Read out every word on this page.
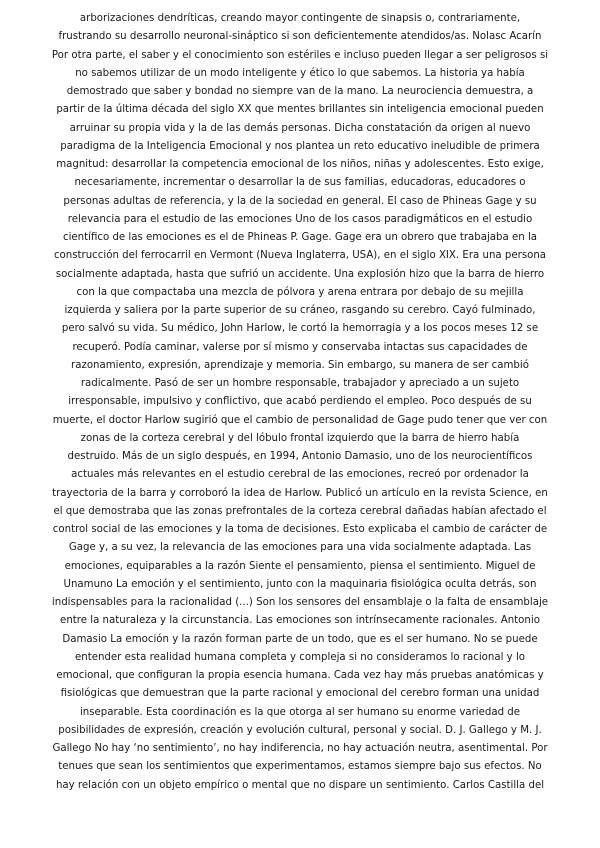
arborizaciones dendríticas, creando mayor contingente de sinapsis o, contrariamente,
frustrando su desarrollo neuronal-sináptico si son deficientemente atendidos/as. Nolasc Acarín
Por otra parte, el saber y el conocimiento son estériles e incluso pueden llegar a ser peligrosos si
no sabemos utilizar de un modo inteligente y ético lo que sabemos. La historia ya había
demostrado que saber y bondad no siempre van de la mano. La neurociencia demuestra, a
partir de la última década del siglo XX que mentes brillantes sin inteligencia emocional pueden
arruinar su propia vida y la de las demás personas. Dicha constatación da origen al nuevo
paradigma de la Inteligencia Emocional y nos plantea un reto educativo ineludible de primera
magnitud: desarrollar la competencia emocional de los niños, niñas y adolescentes. Esto exige,
necesariamente, incrementar o desarrollar la de sus familias, educadoras, educadores o
personas adultas de referencia, y la de la sociedad en general. El caso de Phineas Gage y su
relevancia para el estudio de las emociones Uno de los casos paradigmáticos en el estudio
científico de las emociones es el de Phineas P. Gage. Gage era un obrero que trabajaba en la
construcción del ferrocarril en Vermont (Nueva Inglaterra, USA), en el siglo XIX. Era una persona
socialmente adaptada, hasta que sufrió un accidente. Una explosión hizo que la barra de hierro
con la que compactaba una mezcla de pólvora y arena entrara por debajo de su mejilla
izquierda y saliera por la parte superior de su cráneo, rasgando su cerebro. Cayó fulminado,
pero salvó su vida. Su médico, John Harlow, le cortó la hemorragia y a los pocos meses 12 se
recuperó. Podía caminar, valerse por sí mismo y conservaba intactas sus capacidades de
razonamiento, expresión, aprendizaje y memoria. Sin embargo, su manera de ser cambió
radicalmente. Pasó de ser un hombre responsable, trabajador y apreciado a un sujeto
irresponsable, impulsivo y conflictivo, que acabó perdiendo el empleo. Poco después de su
muerte, el doctor Harlow sugirió que el cambio de personalidad de Gage pudo tener que ver con
zonas de la corteza cerebral y del lóbulo frontal izquierdo que la barra de hierro había
destruido. Más de un siglo después, en 1994, Antonio Damasio, uno de los neurocientíficos
actuales más relevantes en el estudio cerebral de las emociones, recreó por ordenador la
trayectoria de la barra y corroboró la idea de Harlow. Publicó un artículo en la revista Science, en
el que demostraba que las zonas prefrontales de la corteza cerebral dañadas habían afectado el
control social de las emociones y la toma de decisiones. Esto explicaba el cambio de carácter de
Gage y, a su vez, la relevancia de las emociones para una vida socialmente adaptada. Las
emociones, equiparables a la razón Siente el pensamiento, piensa el sentimiento. Miguel de
Unamuno La emoción y el sentimiento, junto con la maquinaria fisiológica oculta detrás, son
indispensables para la racionalidad (...) Son los sensores del ensamblaje o la falta de ensamblaje
entre la naturaleza y la circunstancia. Las emociones son intrínsecamente racionales. Antonio
Damasio La emoción y la razón forman parte de un todo, que es el ser humano. No se puede
entender esta realidad humana completa y compleja si no consideramos lo racional y lo
emocional, que configuran la propia esencia humana. Cada vez hay más pruebas anatómicas y
fisiológicas que demuestran que la parte racional y emocional del cerebro forman una unidad
inseparable. Esta coordinación es la que otorga al ser humano su enorme variedad de
posibilidades de expresión, creación y evolución cultural, personal y social. D. J. Gallego y M. J.
Gallego No hay ‘no sentimiento’, no hay indiferencia, no hay actuación neutra, asentimental. Por
tenues que sean los sentimientos que experimentamos, estamos siempre bajo sus efectos. No
hay relación con un objeto empírico o mental que no dispare un sentimiento. Carlos Castilla del
